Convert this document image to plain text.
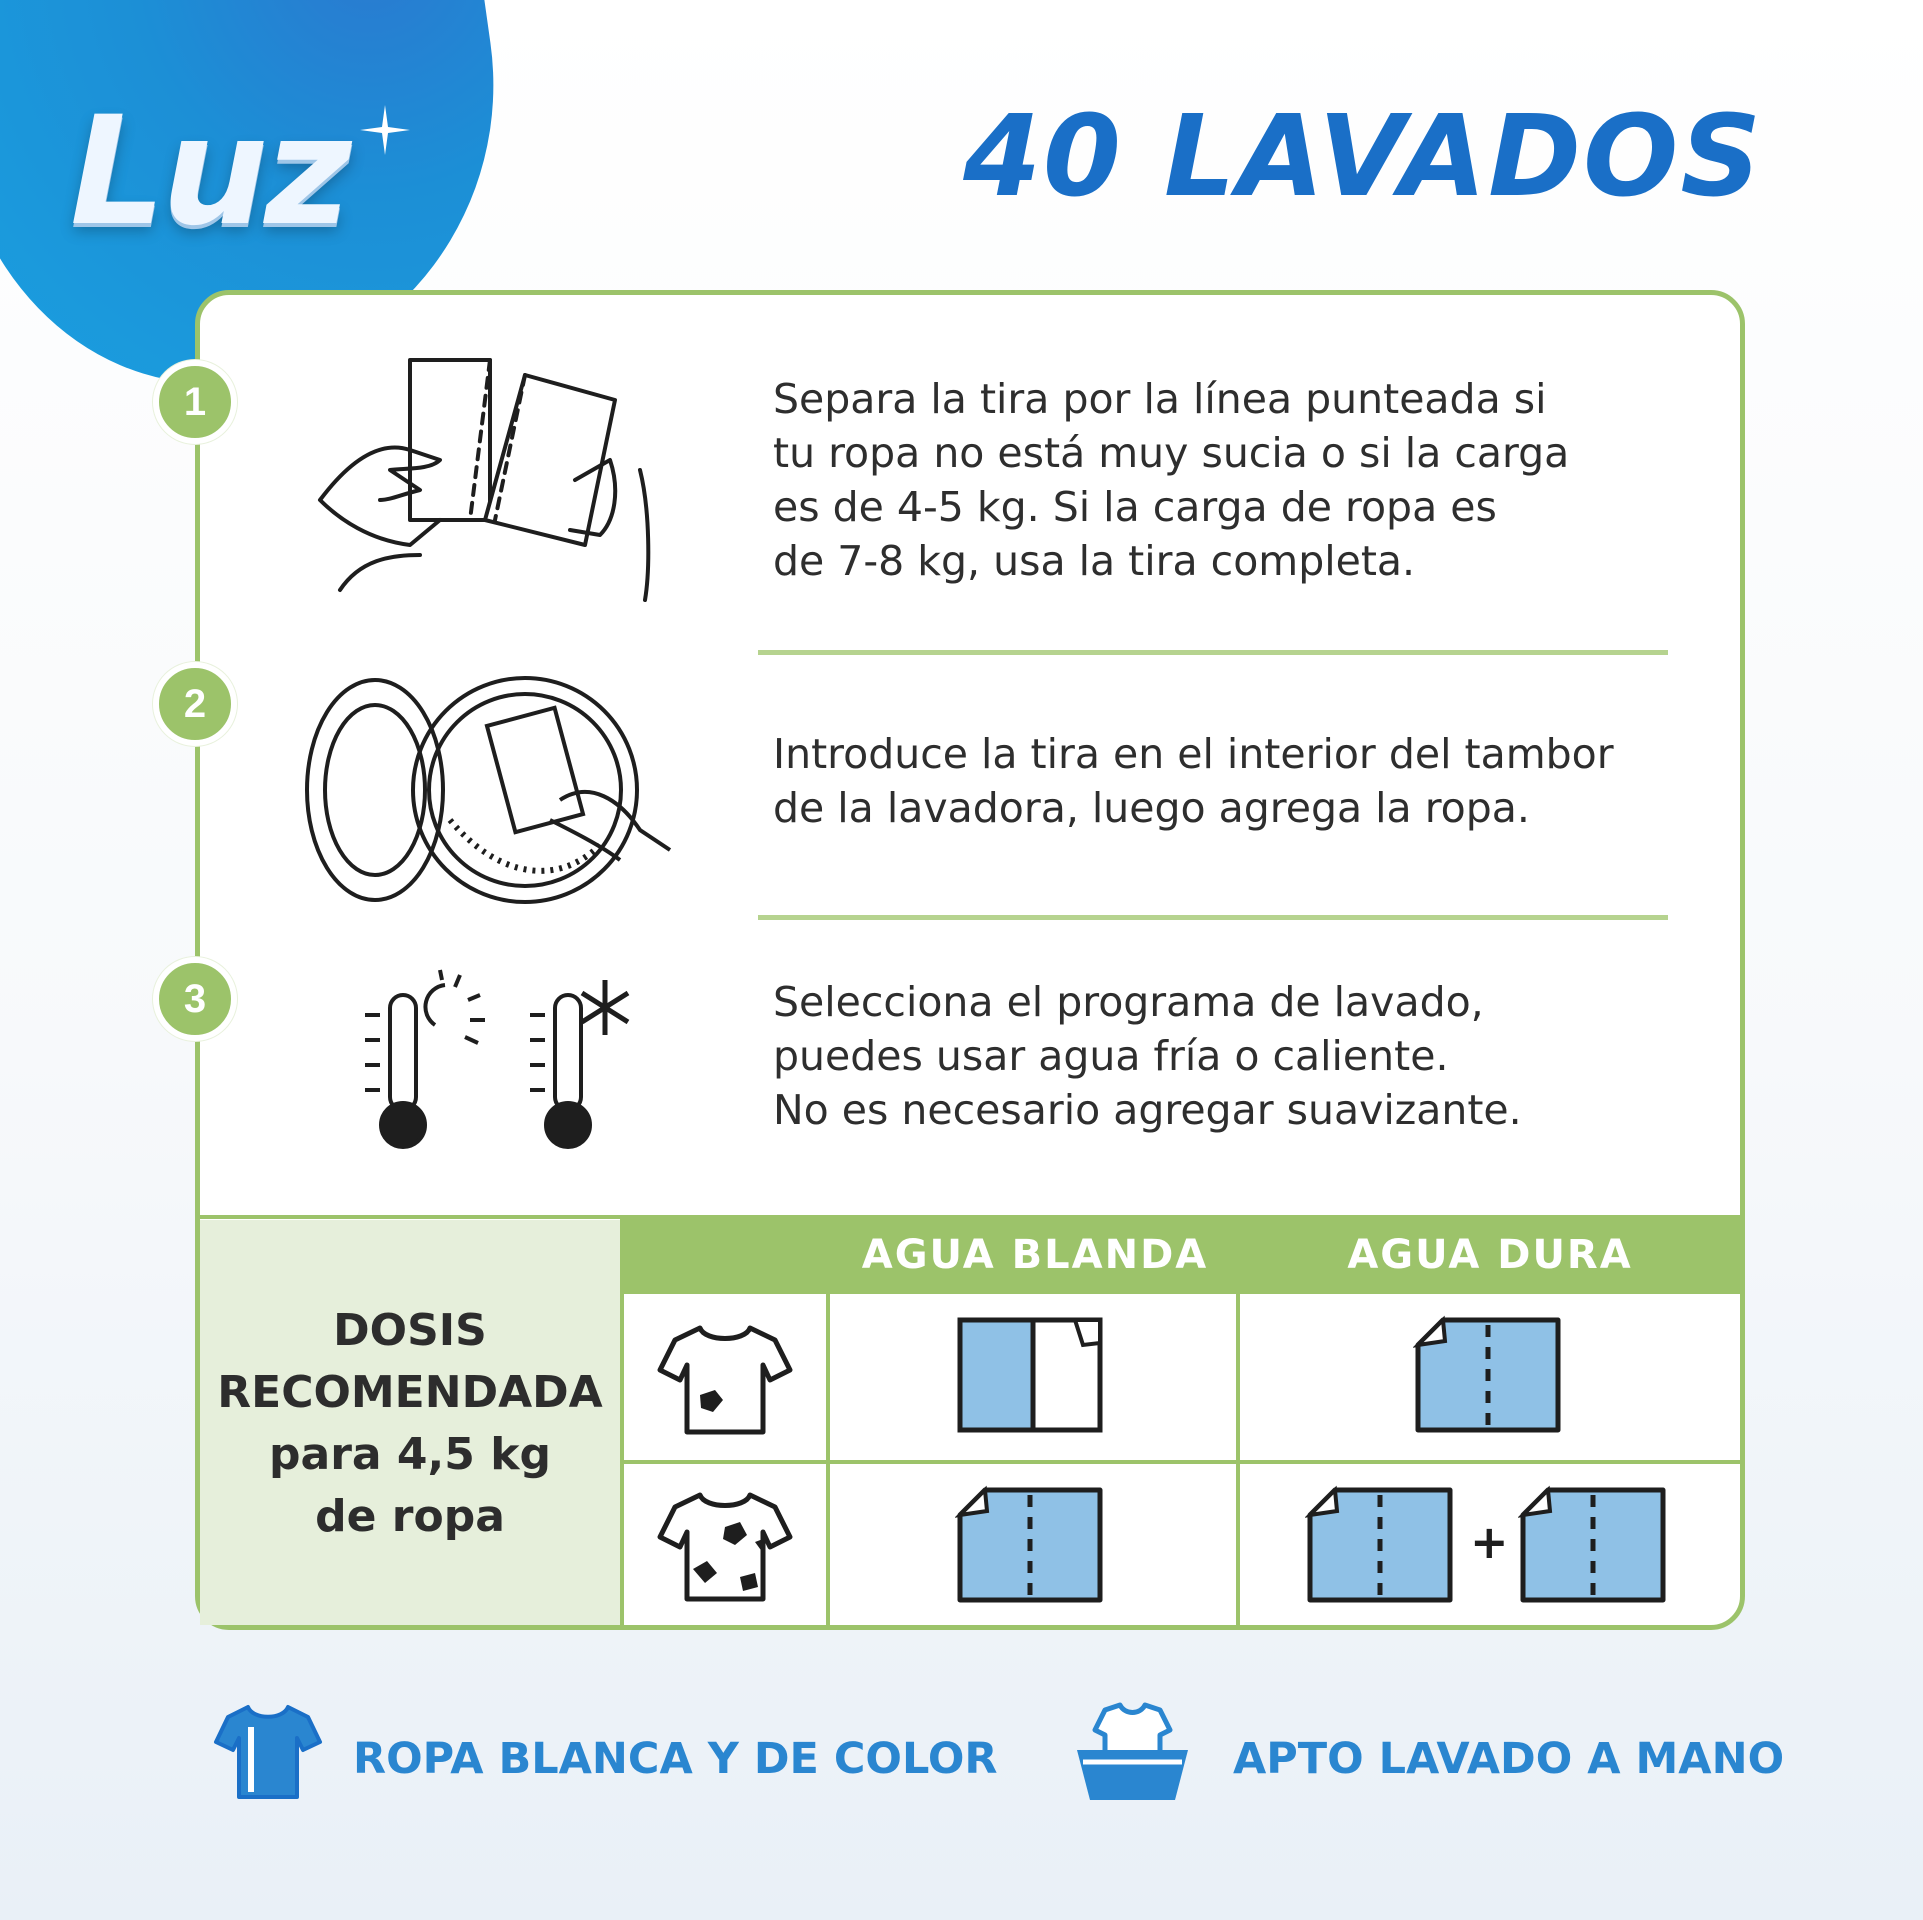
Luz	40 LAVADOS
1
2
3
Separa la tira por la línea punteada si
tu ropa no está muy sucia o si la carga
es de 4-5 kg. Si la carga de ropa es
de 7-8 kg, usa la tira completa.
Introduce la tira en el interior del tambor
de la lavadora, luego agrega la ropa.
Selecciona el programa de lavado,
puedes usar agua fría o caliente.
No es necesario agregar suavizante.
DOSIS
RECOMENDADA
para 4,5 kg
de ropa
AGUA BLANDA	AGUA DURA
+
ROPA BLANCA Y DE COLOR	APTO LAVADO A MANO
